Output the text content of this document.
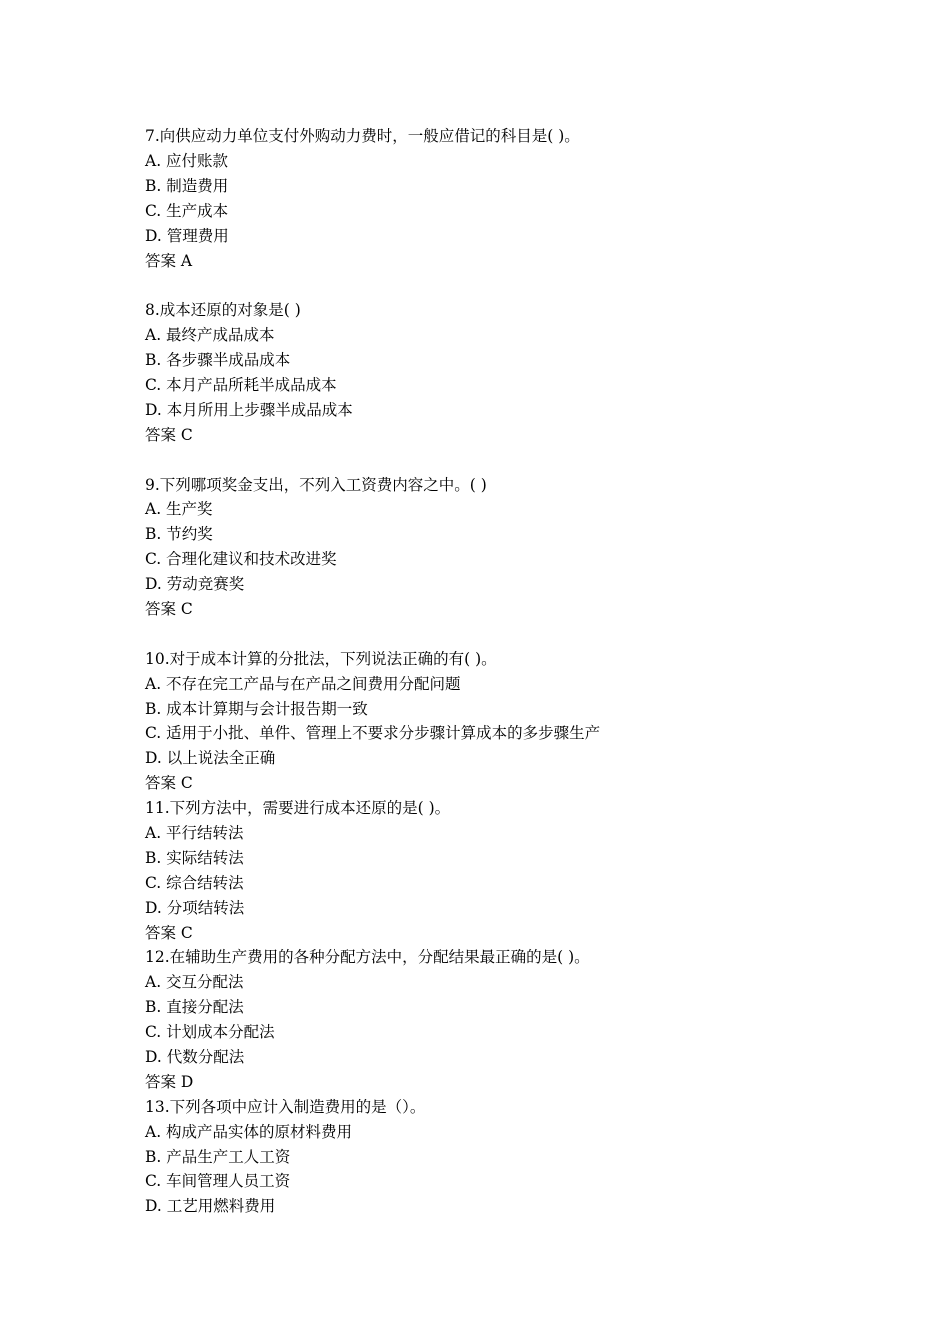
7.向供应动力单位支付外购动力费时，一般应借记的科目是( )。
A. 应付账款
B. 制造费用
C. 生产成本
D. 管理费用
答案 A
8.成本还原的对象是( )
A. 最终产成品成本
B. 各步骤半成品成本
C. 本月产品所耗半成品成本
D. 本月所用上步骤半成品成本
答案 C
9.下列哪项奖金支出，不列入工资费内容之中。( )
A. 生产奖
B. 节约奖
C. 合理化建议和技术改进奖
D. 劳动竞赛奖
答案 C
10.对于成本计算的分批法，下列说法正确的有( )。
A. 不存在完工产品与在产品之间费用分配问题
B. 成本计算期与会计报告期一致
C. 适用于小批、单件、管理上不要求分步骤计算成本的多步骤生产
D. 以上说法全正确
答案 C
11.下列方法中，需要进行成本还原的是( )。
A. 平行结转法
B. 实际结转法
C. 综合结转法
D. 分项结转法
答案 C
12.在辅助生产费用的各种分配方法中，分配结果最正确的是( )。
A. 交互分配法
B. 直接分配法
C. 计划成本分配法
D. 代数分配法
答案 D
13.下列各项中应计入制造费用的是（）。
A. 构成产品实体的原材料费用
B. 产品生产工人工资
C. 车间管理人员工资
D. 工艺用燃料费用
